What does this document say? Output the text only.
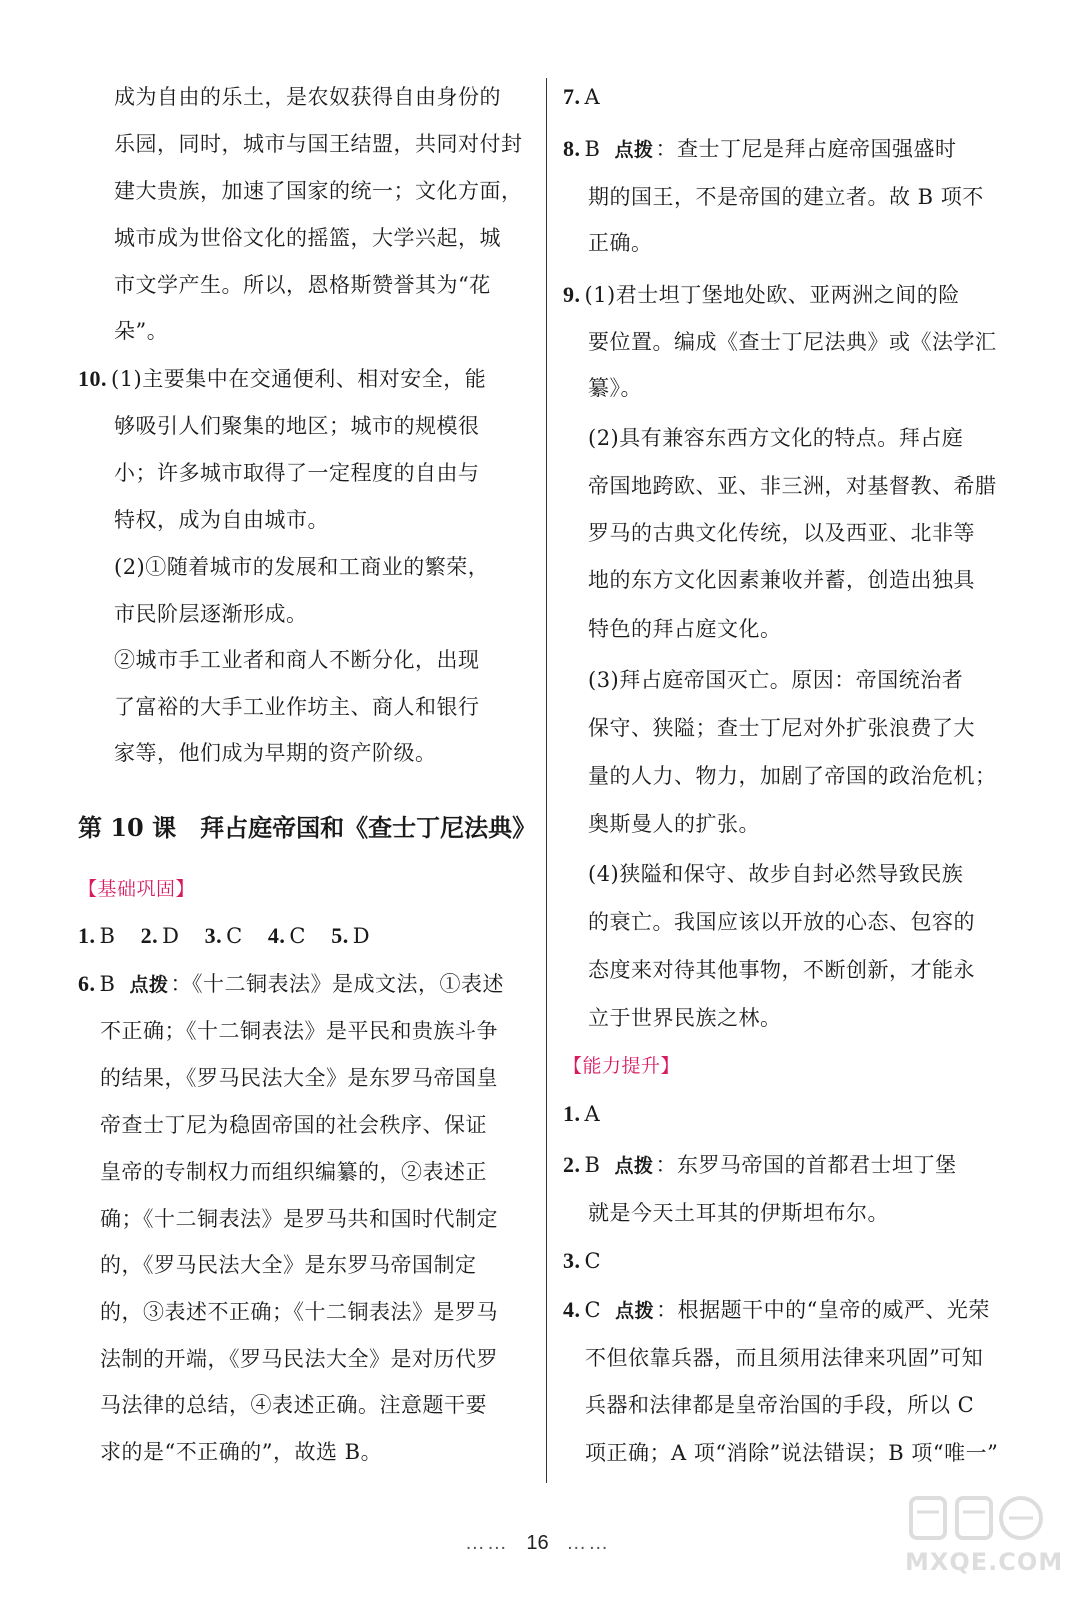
成为自由的乐土，是农奴获得自由身份的
乐园，同时，城市与国王结盟，共同对付封
建大贵族，加速了国家的统一；文化方面，
城市成为世俗文化的摇篮，大学兴起，城
市文学产生。所以，恩格斯赞誉其为“花
朵”。
10. (1)主要集中在交通便利、相对安全，能
够吸引人们聚集的地区；城市的规模很
小；许多城市取得了一定程度的自由与
特权，成为自由城市。
(2)①随着城市的发展和工商业的繁荣，
市民阶层逐渐形成。
②城市手工业者和商人不断分化，出现
了富裕的大手工业作坊主、商人和银行
家等，他们成为早期的资产阶级。
第 10 课　拜占庭帝国和《查士丁尼法典》
【基础巩固】
1. B 2. D 3. C 4. C 5. D
6. B 点拨：《十二铜表法》是成文法，①表述
不正确；《十二铜表法》是平民和贵族斗争
的结果，《罗马民法大全》是东罗马帝国皇
帝查士丁尼为稳固帝国的社会秩序、保证
皇帝的专制权力而组织编纂的，②表述正
确；《十二铜表法》是罗马共和国时代制定
的，《罗马民法大全》是东罗马帝国制定
的，③表述不正确；《十二铜表法》是罗马
法制的开端，《罗马民法大全》是对历代罗
马法律的总结，④表述正确。注意题干要
求的是“不正确的”，故选 B。
7. A
8. B 点拨：查士丁尼是拜占庭帝国强盛时
期的国王，不是帝国的建立者。故 B 项不
正确。
9. (1)君士坦丁堡地处欧、亚两洲之间的险
要位置。编成《查士丁尼法典》或《法学汇
纂》。
(2)具有兼容东西方文化的特点。拜占庭
帝国地跨欧、亚、非三洲，对基督教、希腊
罗马的古典文化传统，以及西亚、北非等
地的东方文化因素兼收并蓄，创造出独具
特色的拜占庭文化。
(3)拜占庭帝国灭亡。原因：帝国统治者
保守、狭隘；查士丁尼对外扩张浪费了大
量的人力、物力，加剧了帝国的政治危机；
奥斯曼人的扩张。
(4)狭隘和保守、故步自封必然导致民族
的衰亡。我国应该以开放的心态、包容的
态度来对待其他事物，不断创新，才能永
立于世界民族之林。
【能力提升】
1. A
2. B 点拨：东罗马帝国的首都君士坦丁堡
就是今天土耳其的伊斯坦布尔。
3. C
4. C 点拨：根据题干中的“皇帝的威严、光荣
不但依靠兵器，而且须用法律来巩固”可知
兵器和法律都是皇帝治国的手段，所以 C
项正确；A 项“消除”说法错误；B 项“唯一”
…… 16 ……
MXQE.COM
